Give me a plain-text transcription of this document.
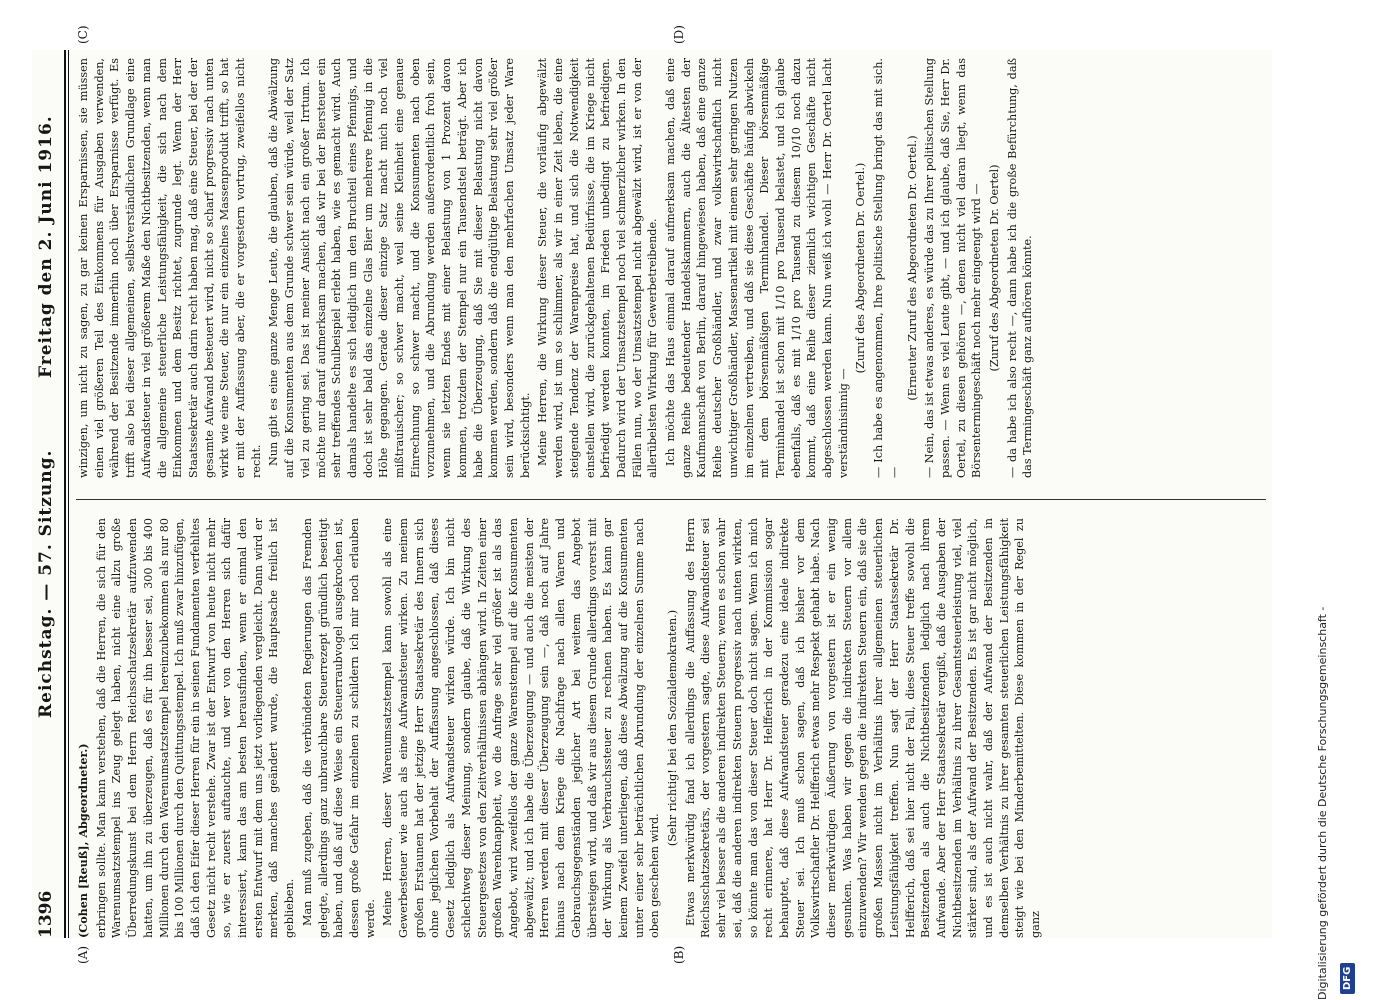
1396
Reichstag. — 57. Sitzung.
Freitag den 2. Juni 1916.
(A)	(B)
(C)	(D)

(Cohen [Reuß], Abgeordneter.) erbringen sollte. Man kann verstehen, daß die Herren, die sich für den Warenumsatzstempel ins Zeug gelegt haben, nicht eine allzu große Überredungskunst bei dem Herrn Reichsschatzsekretär aufzuwenden hatten, um ihn zu überzeugen, daß es für ihn besser sei, 300 bis 400 Millionen durch den Warenumsatzstempel hereinzubekommen als nur 80 bis 100 Millionen durch den Quittungsstempel. Ich muß zwar hinzufügen, daß ich den Eifer dieser Herren für ein in seinen Fundamenten verfehltes Gesetz nicht recht verstehe. Zwar ist der Entwurf von heute nicht mehr so, wie er zuerst auftauchte, und wer von den Herren sich dafür interessiert, kann das am besten herausfinden, wenn er einmal den ersten Entwurf mit dem uns jetzt vorliegenden vergleicht. Dann wird er merken, daß manches geändert wurde, die Hauptsache freilich ist geblieben. Man muß zugeben, daß die verbündeten Regierungen das Fremden gelegte, allerdings ganz unbrauchbare Steuerrezept gründlich beseitigt haben, und daß auf diese Weise ein Steuerraubvogel ausgekrochen ist, dessen große Gefahr im einzelnen zu schildern ich mir noch erlauben werde. Meine Herren, dieser Warenumsatzstempel kann sowohl als eine Gewerbesteuer wie auch als eine Aufwandsteuer wirken. Zu meinem großen Erstaunen hat der jetzige Herr Staatssekretär des Innern sich ohne jeglichen Vorbehalt der Auffassung angeschlossen, daß dieses Gesetz lediglich als Aufwandsteuer wirken würde. Ich bin nicht schlechtweg dieser Meinung, sondern glaube, daß die Wirkung des Steuergesetzes von den Zeitverhältnissen abhängen wird. In Zeiten einer großen Warenknappheit, wo die Anfrage sehr viel größer ist als das Angebot, wird zweifellos der ganze Warenstempel auf die Konsumenten abgewälzt; und ich habe die Überzeugung — und auch die meisten der Herren werden mit dieser Überzeugung sein —, daß noch auf Jahre hinaus nach dem Kriege die Nachfrage nach allen Waren und Gebrauchsgegenständen jeglicher Art bei weitem das Angebot übersteigen wird, und daß wir aus diesem Grunde allerdings vorerst mit der Wirkung als Verbrauchssteuer zu rechnen haben. Es kann gar keinem Zweifel unterliegen, daß diese Abwälzung auf die Konsumenten unter einer sehr beträchtlichen Abrundung der einzelnen Summe nach oben geschehen wird.

(Sehr richtig! bei den Sozialdemokraten.) Etwas merkwürdig fand ich allerdings die Auffassung des Herrn Reichsschatzsekretärs, der vorgestern sagte, diese Aufwandsteuer sei sehr viel besser als die anderen indirekten Steuern; wenn es schon wahr sei, daß die anderen indirekten Steuern progressiv nach unten wirkten, so könnte man das von dieser Steuer doch nicht sagen. Wenn ich mich recht erinnere, hat Herr Dr. Helfferich in der Kommission sogar behauptet, daß diese Aufwandsteuer geradezu eine ideale indirekte Steuer sei. Ich muß schon sagen, daß ich bisher vor dem Volkswirtschaftler Dr. Helfferich etwas mehr Respekt gehabt habe. Nach dieser merkwürdigen Äußerung von vorgestern ist er ein wenig gesunken. Was haben wir gegen die indirekten Steuern vor allem einzuwenden? Wir wenden gegen die indirekten Steuern ein, daß sie die großen Massen nicht im Verhältnis ihrer allgemeinen steuerlichen Leistungsfähigkeit treffen. Nun sagt der Herr Staatssekretär Dr. Helfferich, daß sei hier nicht der Fall, diese Steuer treffe sowohl die Besitzenden als auch die Nichtbesitzenden lediglich nach ihrem Aufwande. Aber der Herr Staatssekretär vergißt, daß die Ausgaben der Nichtbesitzenden im Verhältnis zu ihrer Gesamtsteuerleistung viel, viel stärker sind, als der Aufwand der Besitzenden. Es ist gar nicht möglich, und es ist auch nicht wahr, daß der Aufwand der Besitzenden in demselben Verhältnis zu ihrer gesamten steuerlichen Leistungsfähigkeit steigt wie bei den Minderbemittelten. Diese kommen in der Regel zu ganz

winzigen, um nicht zu sagen, zu gar keinen Ersparnissen, sie müssen einen viel größeren Teil des Einkommens für Ausgaben verwenden, während der Besitzende immerhin noch über Ersparnisse verfügt. Es trifft also bei dieser allgemeinen, selbstverständlichen Grundlage eine Aufwandsteuer in viel größerem Maße den Nichtbesitzenden, wenn man die allgemeine steuerliche Leistungsfähigkeit, die sich nach dem Einkommen und dem Besitz richtet, zugrunde legt. Wenn der Herr Staatssekretär auch darin recht haben mag, daß eine Steuer, bei der der gesamte Aufwand besteuert wird, nicht so scharf progressiv nach unten wirkt wie eine Steuer, die nur ein einzelnes Massenprodukt trifft, so hat er mit der Auffassung aber, die er vorgestern vortrug, zweifellos nicht recht. Nun gibt es eine ganze Menge Leute, die glauben, daß die Abwälzung auf die Konsumenten aus dem Grunde schwer sein würde, weil der Satz viel zu gering sei. Das ist meiner Ansicht nach ein großer Irrtum. Ich möchte nur darauf aufmerksam machen, daß wir bei der Biersteuer ein sehr treffendes Schulbeispiel erlebt haben, wie es gemacht wird. Auch damals handelte es sich lediglich um den Bruchteil eines Pfennigs, und doch ist sehr bald das einzelne Glas Bier um mehrere Pfennig in die Höhe gegangen. Gerade dieser einzige Satz macht mich noch viel mißtrauischer; so schwer macht, weil seine Kleinheit eine genaue Einrechnung so schwer macht, und die Konsumenten nach oben vorzunehmen, und die Abrundung werden außerordentlich froh sein, wenn sie letzten Endes mit einer Belastung von 1 Prozent davon kommen, trotzdem der Stempel nur ein Tausendstel beträgt. Aber ich habe die Überzeugung, daß Sie mit dieser Belastung nicht davon kommen werden, sondern daß die endgültige Belastung sehr viel größer sein wird, besonders wenn man den mehrfachen Umsatz jeder Ware berücksichtigt. Meine Herren, die Wirkung dieser Steuer, die vorläufig abgewälzt werden wird, ist um so schlimmer, als wir in einer Zeit leben, die eine steigende Tendenz der Warenpreise hat, und sich die Notwendigkeit einstellen wird, die zurückgehaltenen Bedürfnisse, die im Kriege nicht befriedigt werden konnten, im Frieden unbedingt zu befriedigen. Dadurch wird der Umsatzstempel noch viel schmerzlicher wirken. In den Fällen nun, wo der Umsatzstempel nicht abgewälzt wird, ist er von der allerübelsten Wirkung für Gewerbetreibende. Ich möchte das Haus einmal darauf aufmerksam machen, daß eine ganze Reihe bedeutender Handelskammern, auch die Ältesten der Kaufmannschaft von Berlin, darauf hingewiesen haben, daß eine ganze Reihe deutscher Großhändler, und zwar volkswirtschaftlich nicht unwichtiger Großhändler, Massenartikel mit einem sehr geringen Nutzen im einzelnen vertreiben, und daß sie diese Geschäfte häufig abwickeln mit dem börsenmäßigen Terminhandel. Dieser börsenmäßige Terminhandel ist schon mit 1/10 pro Tausend belastet, und ich glaube ebenfalls, daß es mit 1/10 pro Tausend zu diesem 10/10 noch dazu kommt, daß eine Reihe dieser ziemlich wichtigen Geschäfte nicht abgeschlossen werden kann. Nun weiß ich wohl — Herr Dr. Oertel lacht verständnisinnig —

(Zuruf des Abgeordneten Dr. Oertel.) — Ich habe es angenommen, Ihre politische Stellung bringt das mit sich. —

(Erneuter Zuruf des Abgeordneten Dr. Oertel.) — Nein, das ist etwas anderes, es würde das zu Ihrer politischen Stellung passen. — Wenn es viel Leute gibt, — und ich glaube, daß Sie, Herr Dr. Oertel, zu diesen gehören —, denen nicht viel daran liegt, wenn das Börsentermingeschäft noch mehr eingeengt wird — (Zuruf des Abgeordneten Dr. Oertel) — da habe ich also recht —, dann habe ich die große Befürchtung, daß das Termingeschäft ganz aufhören könnte.

Digitalisierung gefördert durch die Deutsche Forschungsgemeinschaft - DFG
